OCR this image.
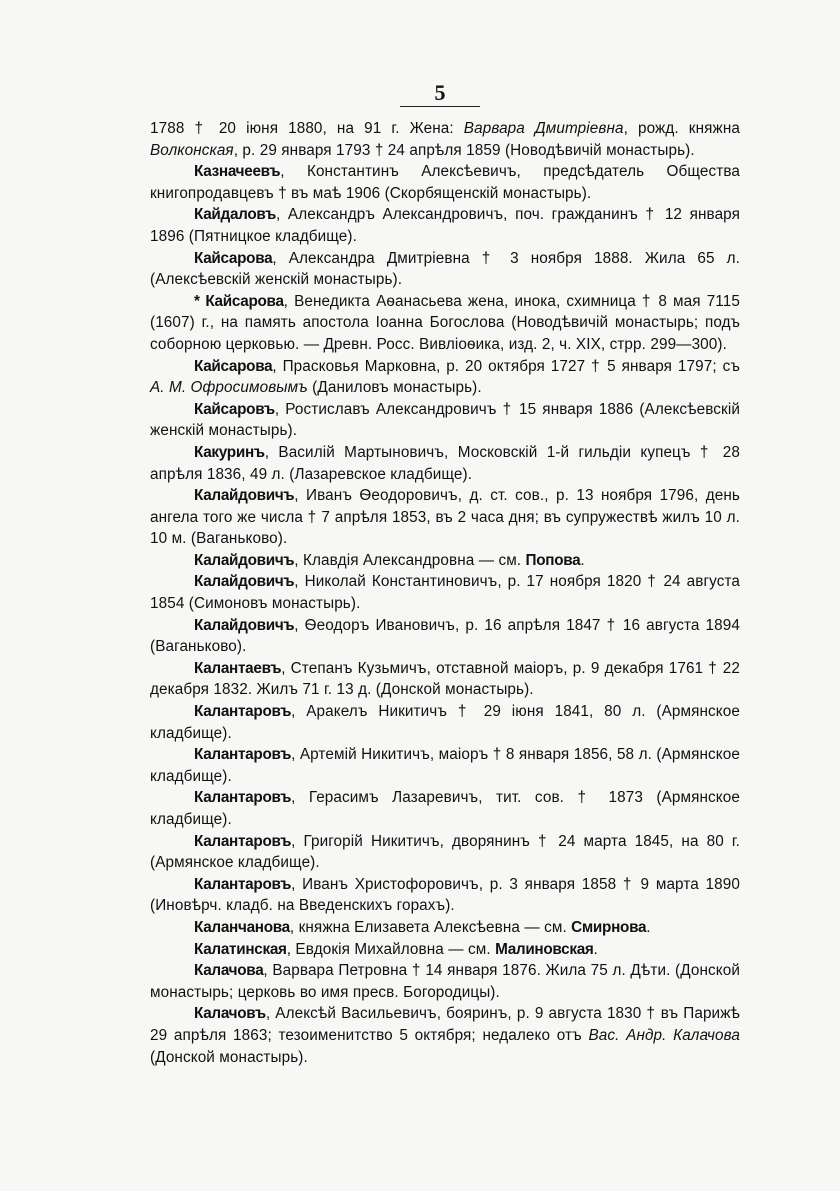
5

1788 † 20 іюня 1880, на 91 г. Жена: Варвара Дмитріевна, рожд. княжна Волконская, р. 29 января 1793 † 24 апрѣля 1859 (Новодѣвичій монастырь).

Казначеевъ, Константинъ Алексѣевичъ, предсѣдатель Общества книгопродавцевъ † въ маѣ 1906 (Скорбященскій монастырь).

Кайдаловъ, Александръ Александровичъ, поч. гражданинъ † 12 января 1896 (Пятницкое кладбище).

Кайсарова, Александра Дмитріевна † 3 ноября 1888. Жила 65 л. (Алексѣевскій женскій монастырь).

* Кайсарова, Венедикта Аѳанасьева жена, инока, схимница † 8 мая 7115 (1607) г., на память апостола Іоанна Богослова (Новодѣвичій монастырь; подъ соборною церковью. — Древн. Росс. Вивліоѳика, изд. 2, ч. XIX, стрр. 299—300).

Кайсарова, Прасковья Марковна, р. 20 октября 1727 † 5 января 1797; съ А. М. Офросимовымъ (Даниловъ монастырь).

Кайсаровъ, Ростиславъ Александровичъ † 15 января 1886 (Алексѣевскій женскій монастырь).

Какуринъ, Василій Мартыновичъ, Московскій 1-й гильдіи купецъ † 28 апрѣля 1836, 49 л. (Лазаревское кладбище).

Калайдовичъ, Иванъ Ѳеодоровичъ, д. ст. сов., р. 13 ноября 1796, день ангела того же числа † 7 апрѣля 1853, въ 2 часа дня; въ супружествѣ жилъ 10 л. 10 м. (Ваганьково).

Калайдовичъ, Клавдія Александровна — см. Попова.

Калайдовичъ, Николай Константиновичъ, р. 17 ноября 1820 † 24 августа 1854 (Симоновъ монастырь).

Калайдовичъ, Ѳеодоръ Ивановичъ, р. 16 апрѣля 1847 † 16 августа 1894 (Ваганьково).

Калантаевъ, Степанъ Кузьмичъ, отставной маіоръ, р. 9 декабря 1761 † 22 декабря 1832. Жилъ 71 г. 13 д. (Донской монастырь).

Калантаровъ, Аракелъ Никитичъ † 29 іюня 1841, 80 л. (Армянское кладбище).

Калантаровъ, Артемій Никитичъ, маіоръ † 8 января 1856, 58 л. (Армянское кладбище).

Калантаровъ, Герасимъ Лазаревичъ, тит. сов. † 1873 (Армянское кладбище).

Калантаровъ, Григорій Никитичъ, дворянинъ † 24 марта 1845, на 80 г. (Армянское кладбище).

Калантаровъ, Иванъ Христофоровичъ, р. 3 января 1858 † 9 марта 1890 (Иновѣрч. кладб. на Введенскихъ горахъ).

Каланчанова, княжна Елизавета Алексѣевна — см. Смирнова.

Калатинская, Евдокія Михайловна — см. Малиновская.

Калачова, Варвара Петровна † 14 января 1876. Жила 75 л. Дѣти. (Донской монастырь; церковь во имя пресв. Богородицы).

Калачовъ, Алексѣй Васильевичъ, бояринъ, р. 9 августа 1830 † въ Парижѣ 29 апрѣля 1863; тезоименитство 5 октября; недалеко отъ Вас. Андр. Калачова (Донской монастырь).
